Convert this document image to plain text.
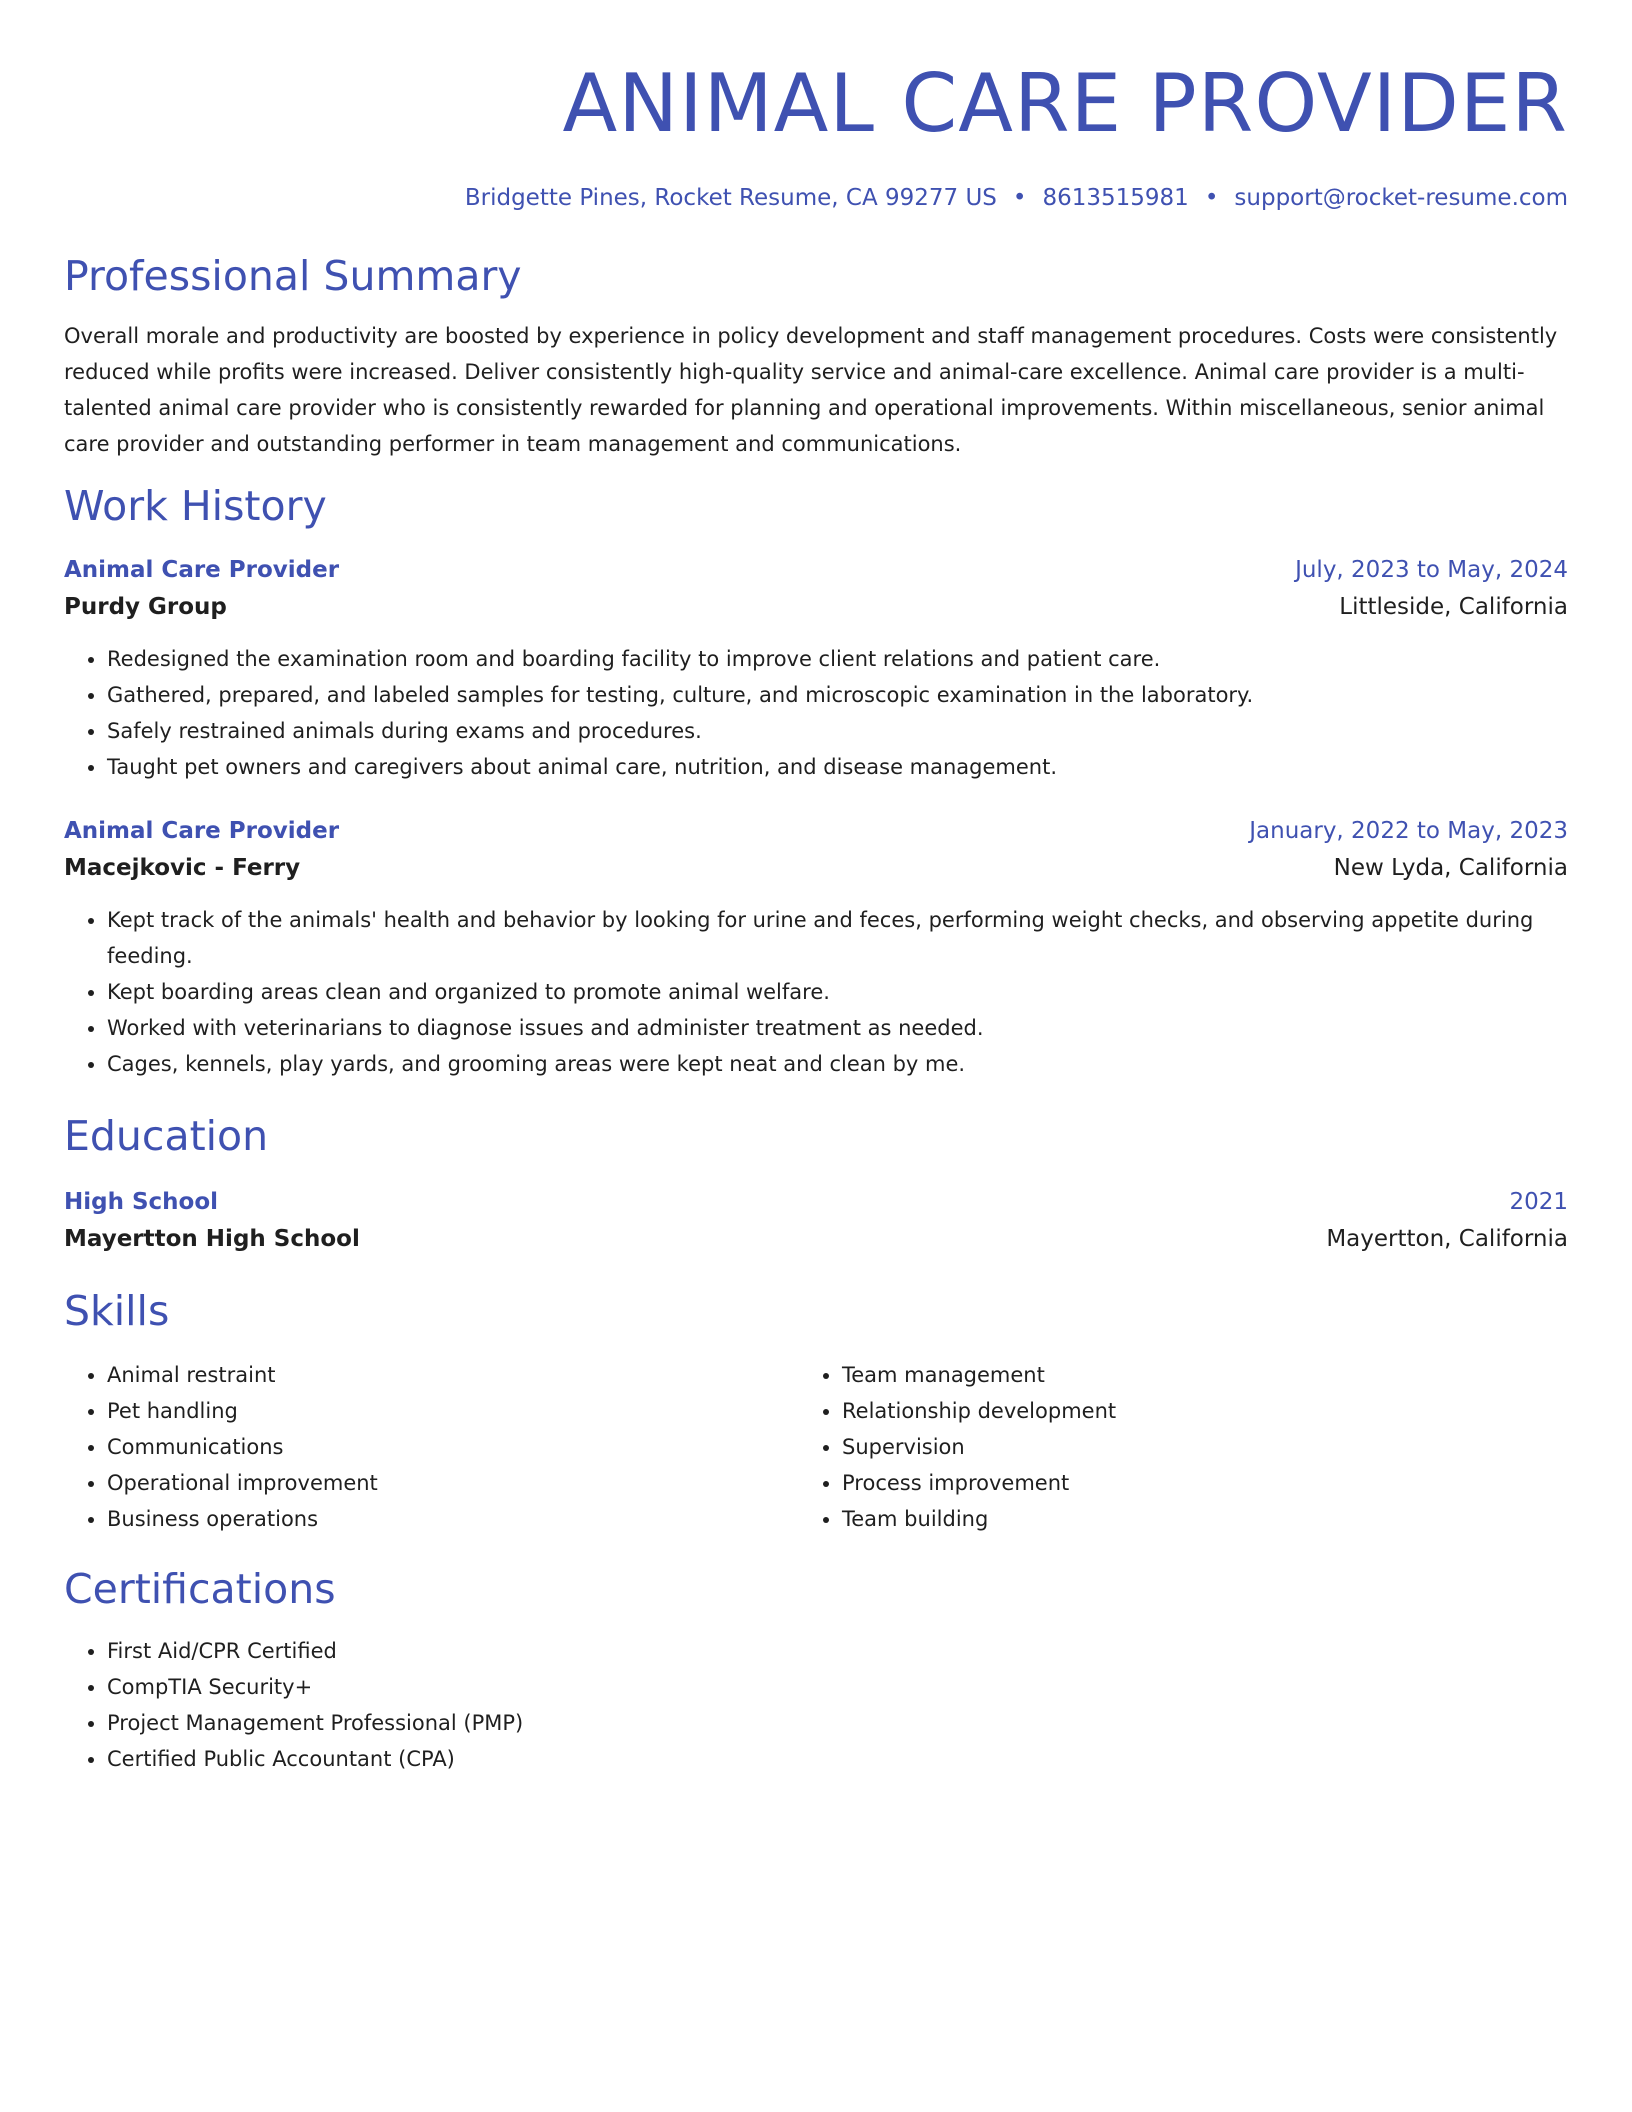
ANIMAL CARE PROVIDER
Bridgette Pines, Rocket Resume, CA 99277 US • 8613515981 • support@rocket-resume.com
Professional Summary

Overall morale and productivity are boosted by experience in policy development and staff management procedures. Costs were consistently reduced while profits were increased. Deliver consistently high-quality service and animal-care excellence. Animal care provider is a multi-talented animal care provider who is consistently rewarded for planning and operational improvements. Within miscellaneous, senior animal care provider and outstanding performer in team management and communications.

Work History
Animal Care Provider	July, 2023 to May, 2024
Purdy Group	Littleside, California
• Redesigned the examination room and boarding facility to improve client relations and patient care.
• Gathered, prepared, and labeled samples for testing, culture, and microscopic examination in the laboratory.
• Safely restrained animals during exams and procedures.
• Taught pet owners and caregivers about animal care, nutrition, and disease management.
Animal Care Provider	January, 2022 to May, 2023
Macejkovic - Ferry	New Lyda, California
• Kept track of the animals' health and behavior by looking for urine and feces, performing weight checks, and observing appetite during feeding.
• Kept boarding areas clean and organized to promote animal welfare.
• Worked with veterinarians to diagnose issues and administer treatment as needed.
• Cages, kennels, play yards, and grooming areas were kept neat and clean by me.
Education
High School	2021
Mayertton High School	Mayertton, California
Skills
• Animal restraint
• Pet handling
• Communications
• Operational improvement
• Business operations
• Team management
• Relationship development
• Supervision
• Process improvement
• Team building
Certifications
• First Aid/CPR Certified
• CompTIA Security+
• Project Management Professional (PMP)
• Certified Public Accountant (CPA)
